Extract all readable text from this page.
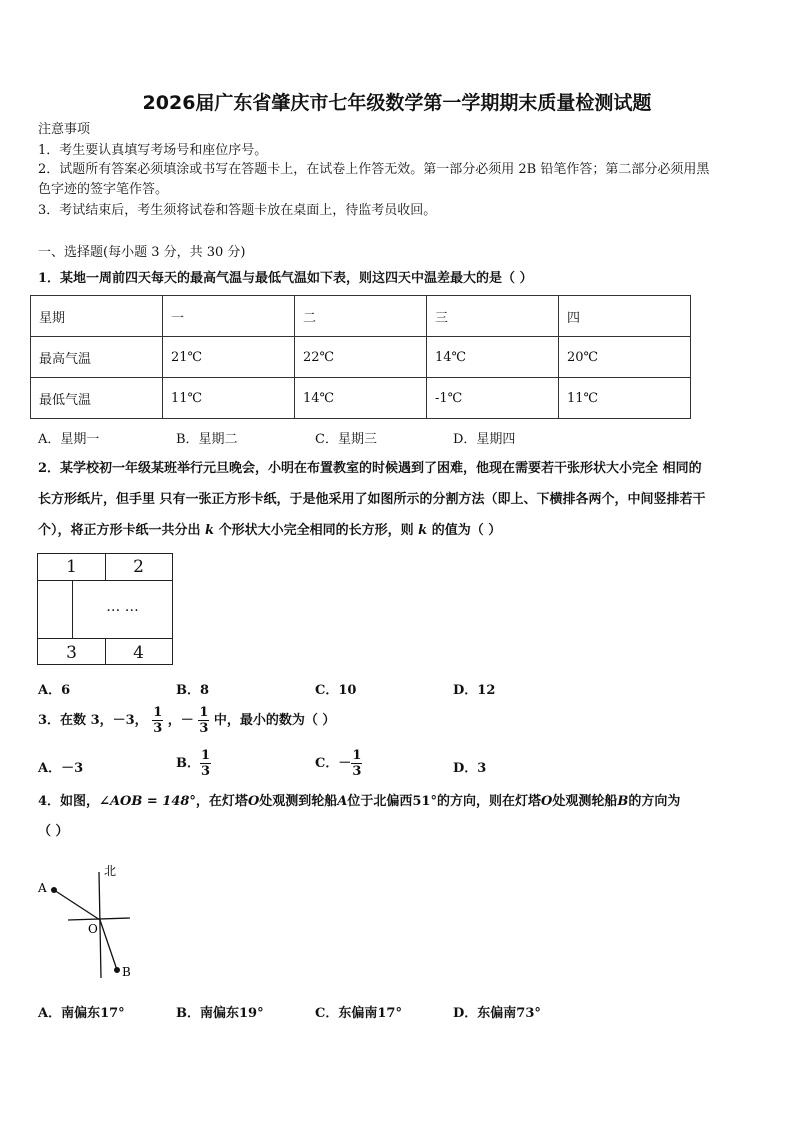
2026届广东省肇庆市七年级数学第一学期期末质量检测试题
注意事项
1．考生要认真填写考场号和座位序号。
2．试题所有答案必须填涂或书写在答题卡上，在试卷上作答无效。第一部分必须用 2B 铅笔作答；第二部分必须用黑
色字迹的签字笔作答。
3．考试结束后，考生须将试卷和答题卡放在桌面上，待监考员收回。
一、选择题(每小题 3 分，共 30 分)
1．某地一周前四天每天的最高气温与最低气温如下表，则这四天中温差最大的是（ ）
星期	一	二	三	四
最高气温	21℃	22℃	14℃	20℃
最低气温	11℃	14℃	-1℃	11℃
A．星期一	B．星期二	C．星期三	D．星期四
2．某学校初一年级某班举行元旦晚会，小明在布置教室的时候遇到了困难，他现在需要若干张形状大小完全 相同的
长方形纸片，但手里 只有一张正方形卡纸，于是他采用了如图所示的分割方法（即上、下横排各两个，中间竖排若干
个），将正方形卡纸一共分出 k 个形状大小完全相同的长方形，则 k 的值为（ ）
1	2
… …
3	4
A．6	B．8	C．10	D．12
3．在数 3，－3， $\frac{1}{3}$ ，－ $\frac{1}{3}$ 中，最小的数为（ ）
A．－3	B． $\frac{1}{3}$	C．－ $\frac{1}{3}$	D．3
4．如图，∠AOB = 148°，在灯塔O处观测到轮船A位于北偏西51°的方向，则在灯塔O处观测轮船B的方向为
（ ）
北
A
O
B
A．南偏东17°	B．南偏东19°	C．东偏南17°	D．东偏南73°
